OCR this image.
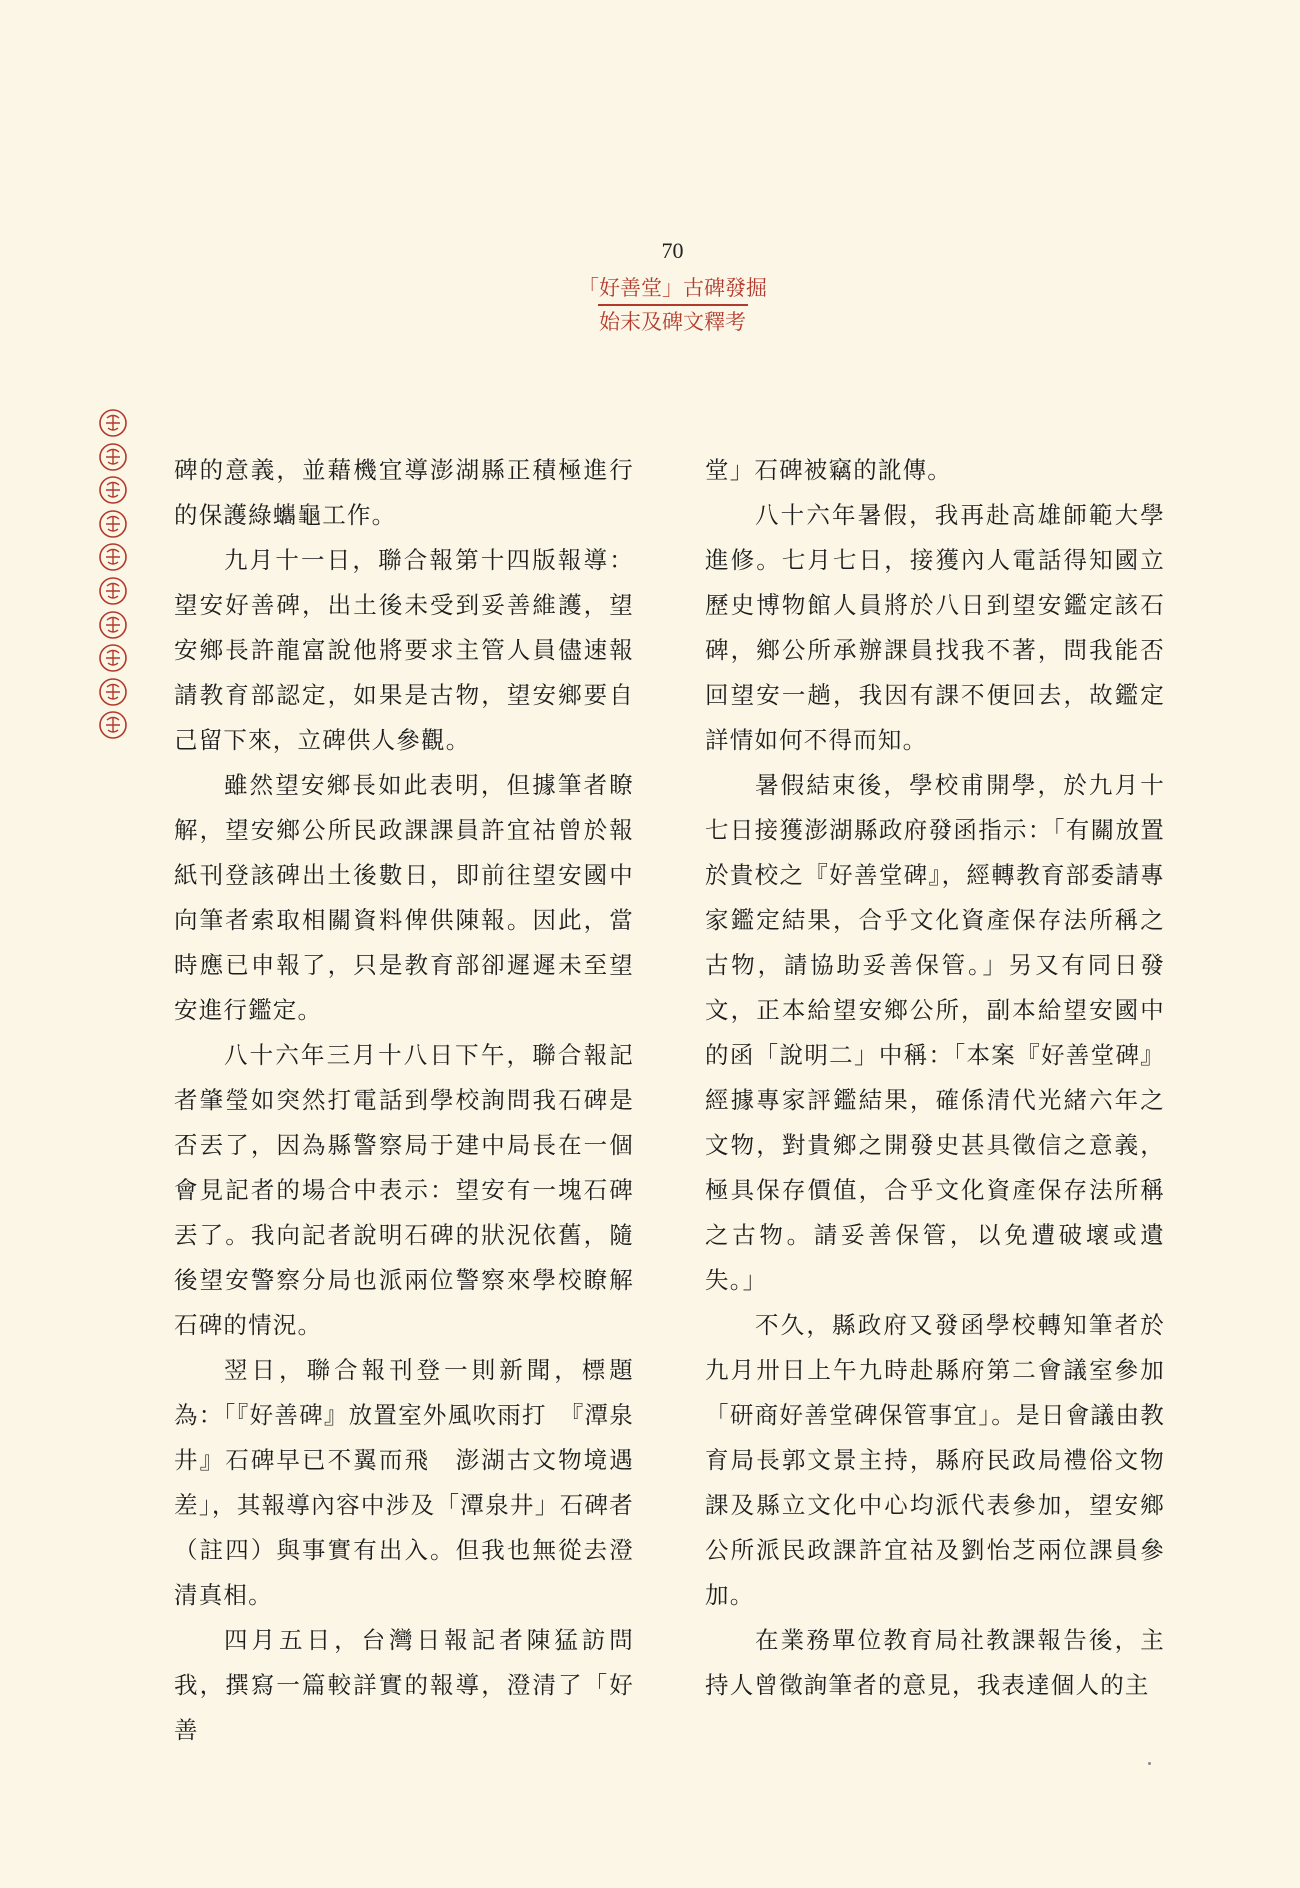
70
「好善堂」古碑發掘
始末及碑文釋考

碑的意義，並藉機宜導澎湖縣正積極進行的保護綠蠵龜工作。

九月十一日，聯合報第十四版報導：望安好善碑，出土後未受到妥善維護，望安鄉長許龍富說他將要求主管人員儘速報請教育部認定，如果是古物，望安鄉要自己留下來，立碑供人參觀。

雖然望安鄉長如此表明，但據筆者瞭解，望安鄉公所民政課課員許宜祜曾於報紙刊登該碑出土後數日，即前往望安國中向筆者索取相關資料俾供陳報。因此，當時應已申報了，只是教育部卻遲遲未至望安進行鑑定。

八十六年三月十八日下午，聯合報記者肇瑩如突然打電話到學校詢問我石碑是否丟了，因為縣警察局于建中局長在一個會見記者的場合中表示：望安有一塊石碑丟了。我向記者說明石碑的狀況依舊，隨後望安警察分局也派兩位警察來學校瞭解石碑的情況。

翌日，聯合報刊登一則新聞，標題為：「『好善碑』放置室外風吹雨打　『潭泉井』石碑早已不翼而飛　澎湖古文物境遇差」，其報導內容中涉及「潭泉井」石碑者（註四）與事實有出入。但我也無從去澄清真相。

四月五日，台灣日報記者陳猛訪問我，撰寫一篇較詳實的報導，澄清了「好善

堂」石碑被竊的訛傳。

八十六年暑假，我再赴高雄師範大學進修。七月七日，接獲內人電話得知國立歷史博物館人員將於八日到望安鑑定該石碑，鄉公所承辦課員找我不著，問我能否回望安一趟，我因有課不便回去，故鑑定詳情如何不得而知。

暑假結束後，學校甫開學，於九月十七日接獲澎湖縣政府發函指示：「有關放置於貴校之『好善堂碑』，經轉教育部委請專家鑑定結果，合乎文化資產保存法所稱之古物，請協助妥善保管。」另又有同日發文，正本給望安鄉公所，副本給望安國中的函「說明二」中稱：「本案『好善堂碑』經據專家評鑑結果，確係清代光緒六年之文物，對貴鄉之開發史甚具徵信之意義，極具保存價值，合乎文化資產保存法所稱之古物。請妥善保管，以免遭破壞或遺失。」

不久，縣政府又發函學校轉知筆者於九月卅日上午九時赴縣府第二會議室參加「研商好善堂碑保管事宜」。是日會議由教育局長郭文景主持，縣府民政局禮俗文物課及縣立文化中心均派代表參加，望安鄉公所派民政課許宜祜及劉怡芝兩位課員參加。

在業務單位教育局社教課報告後，主持人曾徵詢筆者的意見，我表達個人的主
